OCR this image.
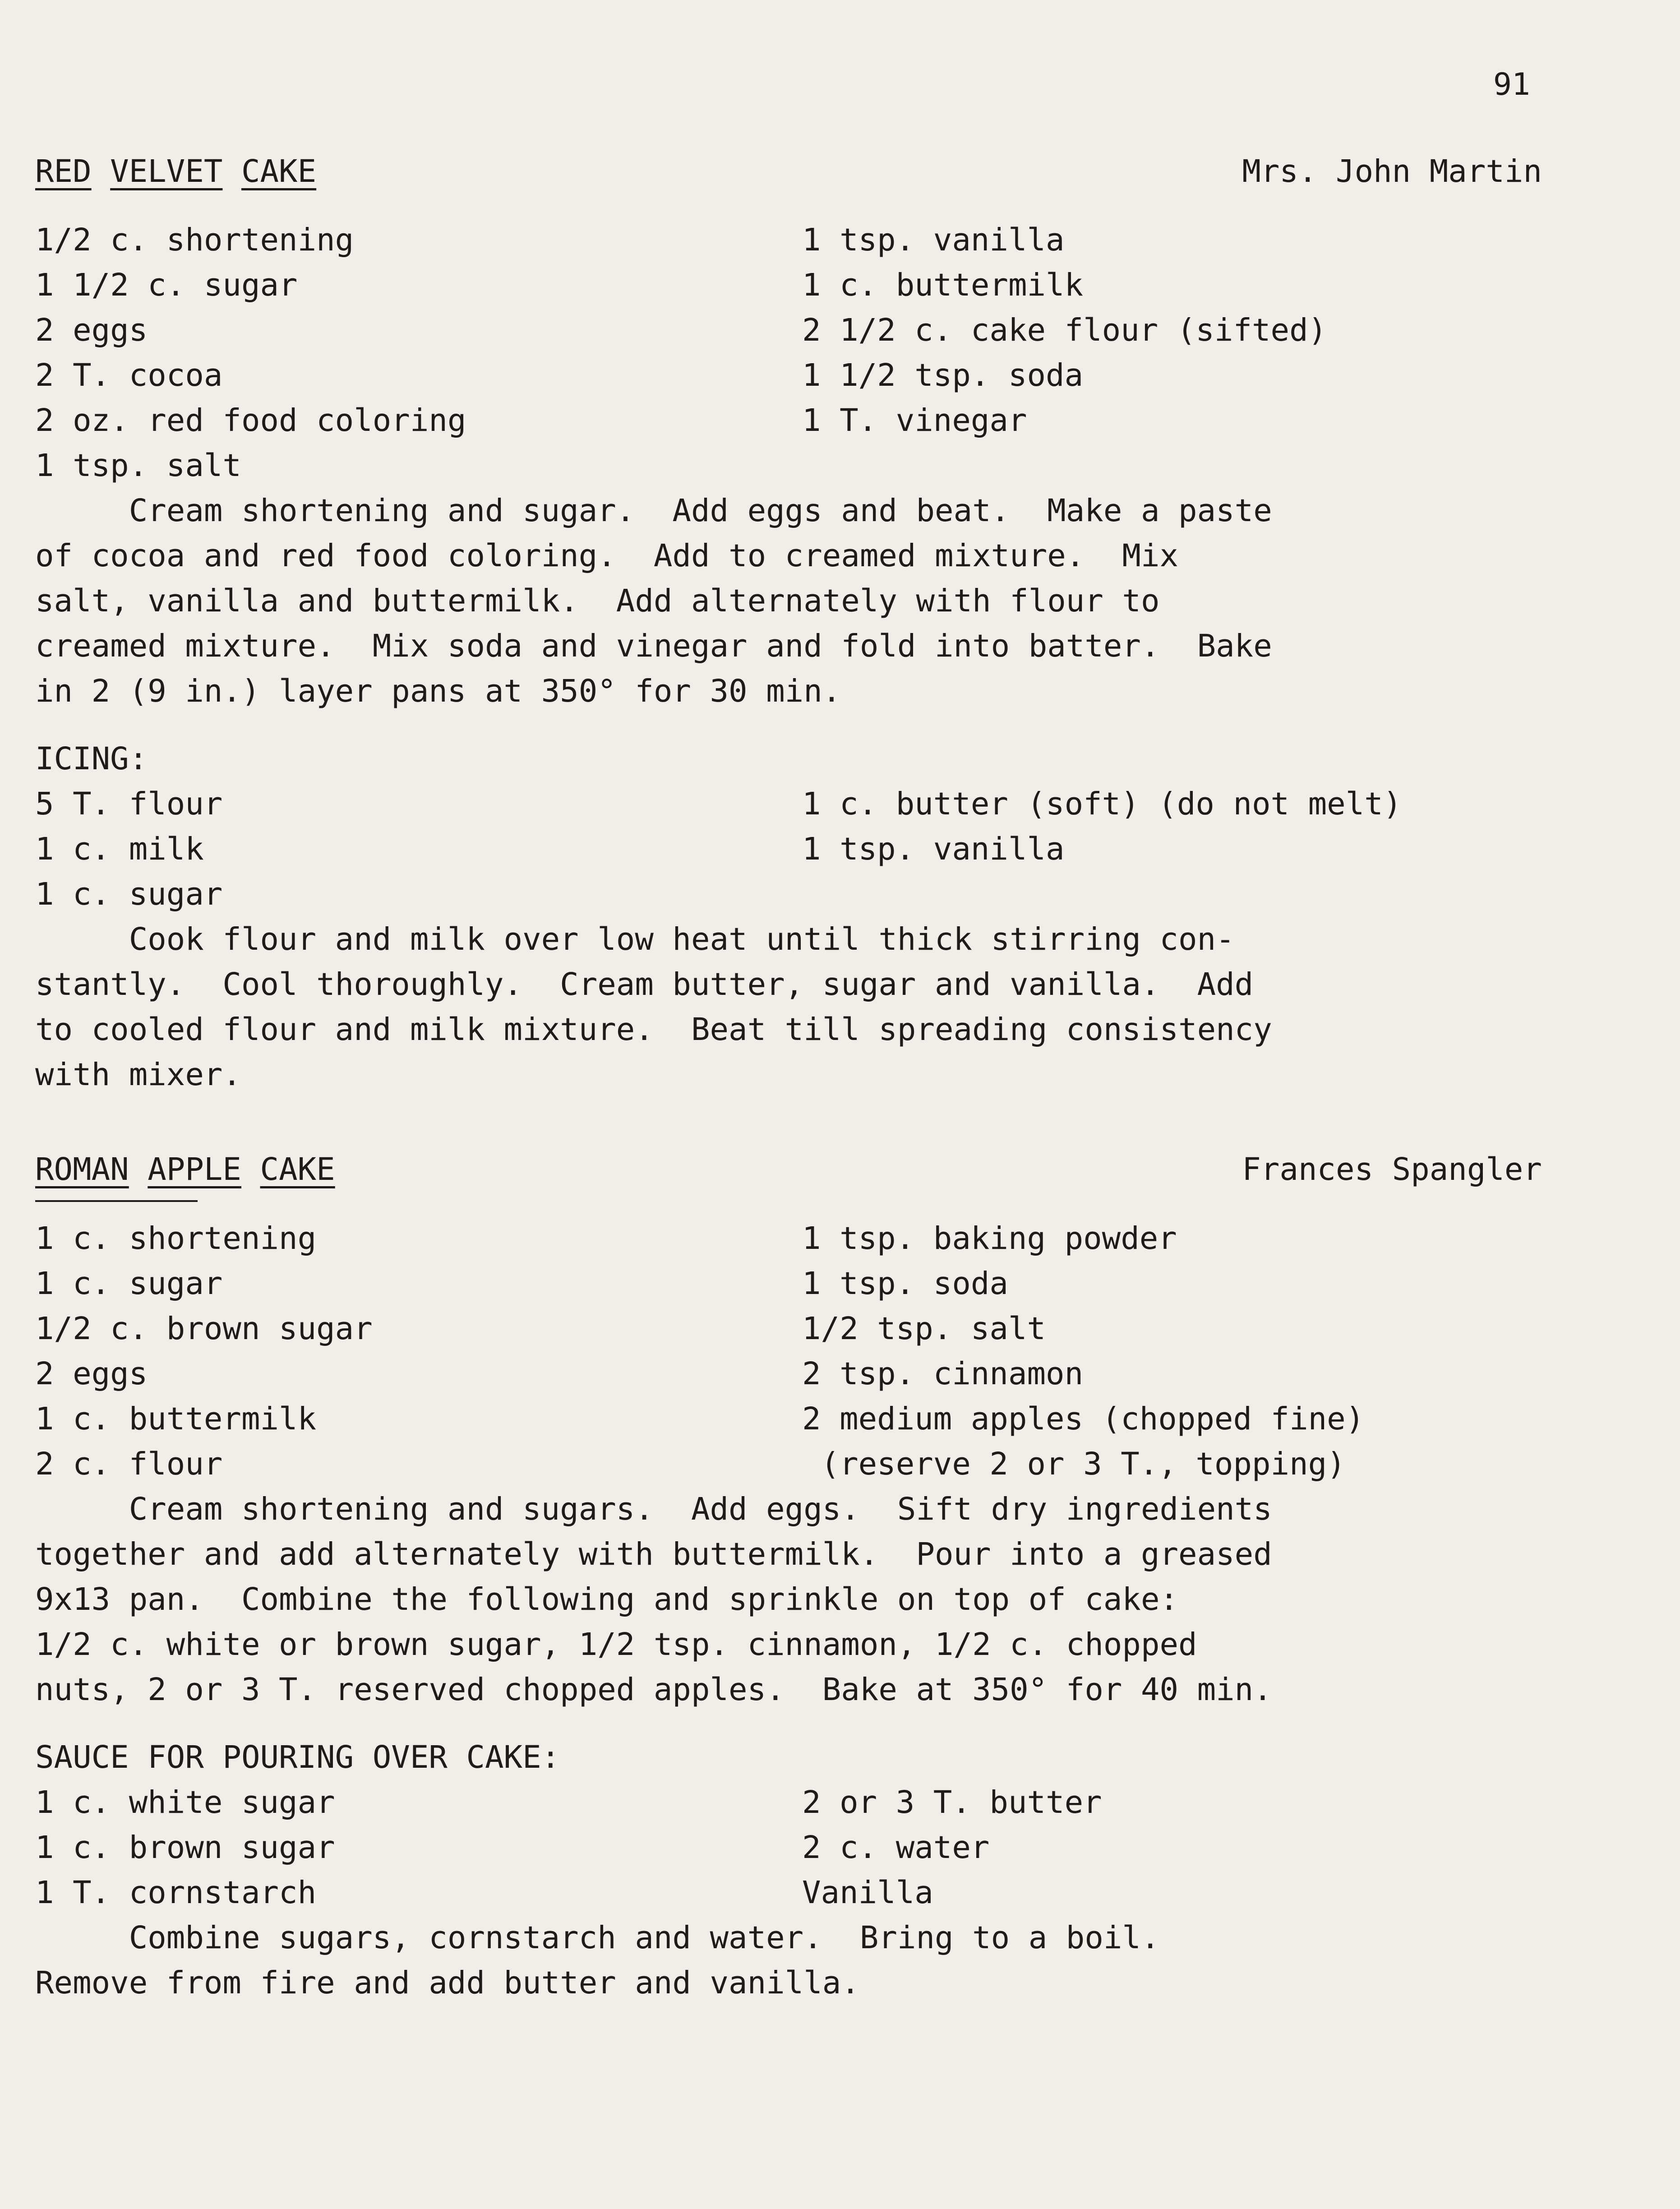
91
RED VELVET CAKE	Mrs. John Martin
1/2 c. shortening
1 1/2 c. sugar
2 eggs
2 T. cocoa
2 oz. red food coloring
1 tsp. salt
1 tsp. vanilla
1 c. buttermilk
2 1/2 c. cake flour (sifted)
1 1/2 tsp. soda
1 T. vinegar
Cream shortening and sugar.  Add eggs and beat.  Make a paste
of cocoa and red food coloring.  Add to creamed mixture.  Mix
salt, vanilla and buttermilk.  Add alternately with flour to
creamed mixture.  Mix soda and vinegar and fold into batter.  Bake
in 2 (9 in.) layer pans at 350° for 30 min.
ICING:
5 T. flour
1 c. milk
1 c. sugar
1 c. butter (soft) (do not melt)
1 tsp. vanilla
Cook flour and milk over low heat until thick stirring con-
stantly.  Cool thoroughly.  Cream butter, sugar and vanilla.  Add
to cooled flour and milk mixture.  Beat till spreading consistency
with mixer.
ROMAN APPLE CAKE	Frances Spangler
1 c. shortening
1 c. sugar
1/2 c. brown sugar
2 eggs
1 c. buttermilk
2 c. flour
1 tsp. baking powder
1 tsp. soda
1/2 tsp. salt
2 tsp. cinnamon
2 medium apples (chopped fine)
(reserve 2 or 3 T., topping)
Cream shortening and sugars.  Add eggs.  Sift dry ingredients
together and add alternately with buttermilk.  Pour into a greased
9x13 pan.  Combine the following and sprinkle on top of cake:
1/2 c. white or brown sugar, 1/2 tsp. cinnamon, 1/2 c. chopped
nuts, 2 or 3 T. reserved chopped apples.  Bake at 350° for 40 min.
SAUCE FOR POURING OVER CAKE:
1 c. white sugar
1 c. brown sugar
1 T. cornstarch
2 or 3 T. butter
2 c. water
Vanilla
Combine sugars, cornstarch and water.  Bring to a boil.
Remove from fire and add butter and vanilla.
